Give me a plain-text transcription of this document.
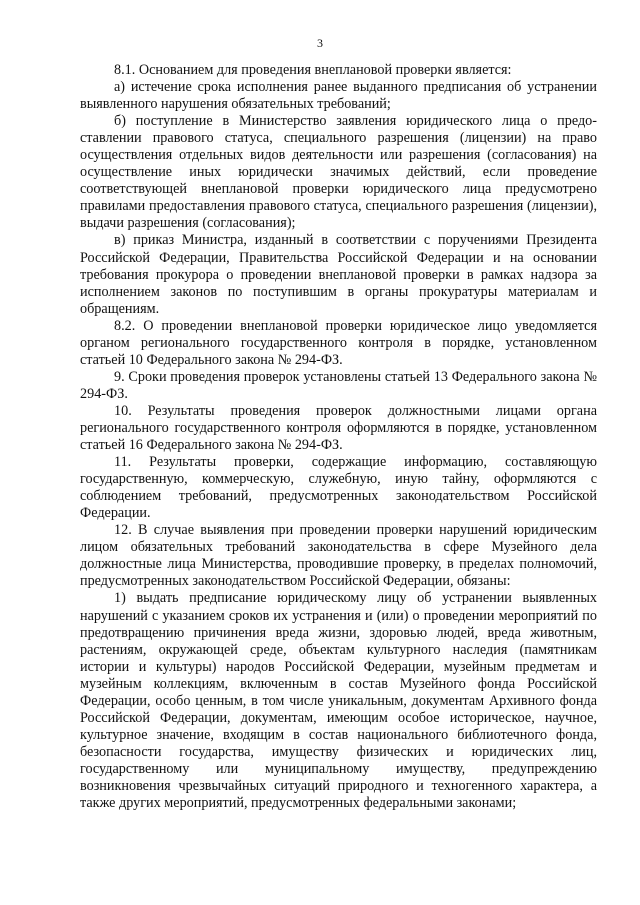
3

8.1. Основанием для проведения внеплановой проверки является:

а) истечение срока исполнения ранее выданного предписания об устранении выявленного нарушения обязательных требований;

б) поступление в Министерство заявления юридического лица о предоставлении правового статуса, специального разрешения (лицензии) на право осуществления отдельных видов деятельности или разрешения (согласования) на осуществление иных юридически значимых действий, если проведение соответствующей внеплановой проверки юридического лица предусмотрено правилами предоставления правового статуса, специального разрешения (лицензии), выдачи разрешения (согласования);

в) приказ Министра, изданный в соответствии с поручениями Президента Российской Федерации, Правительства Российской Федерации и на основании требования прокурора о проведении внеплановой проверки в рамках надзора за исполнением законов по поступившим в органы прокуратуры материалам и обращениям.

8.2. О проведении внеплановой проверки юридическое лицо уведомляется органом регионального государственного контроля в порядке, установленном статьей 10 Федерального закона № 294-ФЗ.

9. Сроки проведения проверок установлены статьей 13 Федерального закона № 294-ФЗ.

10. Результаты проведения проверок должностными лицами органа регионального государственного контроля оформляются в порядке, установленном статьей 16 Федерального закона № 294-ФЗ.

11. Результаты проверки, содержащие информацию, составляющую государственную, коммерческую, служебную, иную тайну, оформляются с соблюдением требований, предусмотренных законодательством Российской Федерации.

12. В случае выявления при проведении проверки нарушений юридическим лицом обязательных требований законодательства в сфере Музейного дела должностные лица Министерства, проводившие проверку, в пределах полномочий, предусмотренных законодательством Российской Федерации, обязаны:

1) выдать предписание юридическому лицу об устранении выявленных нарушений с указанием сроков их устранения и (или) о проведении мероприятий по предотвращению причинения вреда жизни, здоровью людей, вреда животным, растениям, окружающей среде, объектам культурного наследия (памятникам истории и культуры) народов Российской Федерации, музейным предметам и музейным коллекциям, включенным в состав Музейного фонда Российской Федерации, особо ценным, в том числе уникальным, документам Архивного фонда Российской Федерации, документам, имеющим особое историческое, научное, культурное значение, входящим в состав национального библиотечного фонда, безопасности государства, имуществу физических и юридических лиц, государственному или муниципальному имуществу, предупреждению возникновения чрезвычайных ситуаций природного и техногенного характера, а также других мероприятий, предусмотренных федеральными законами;
